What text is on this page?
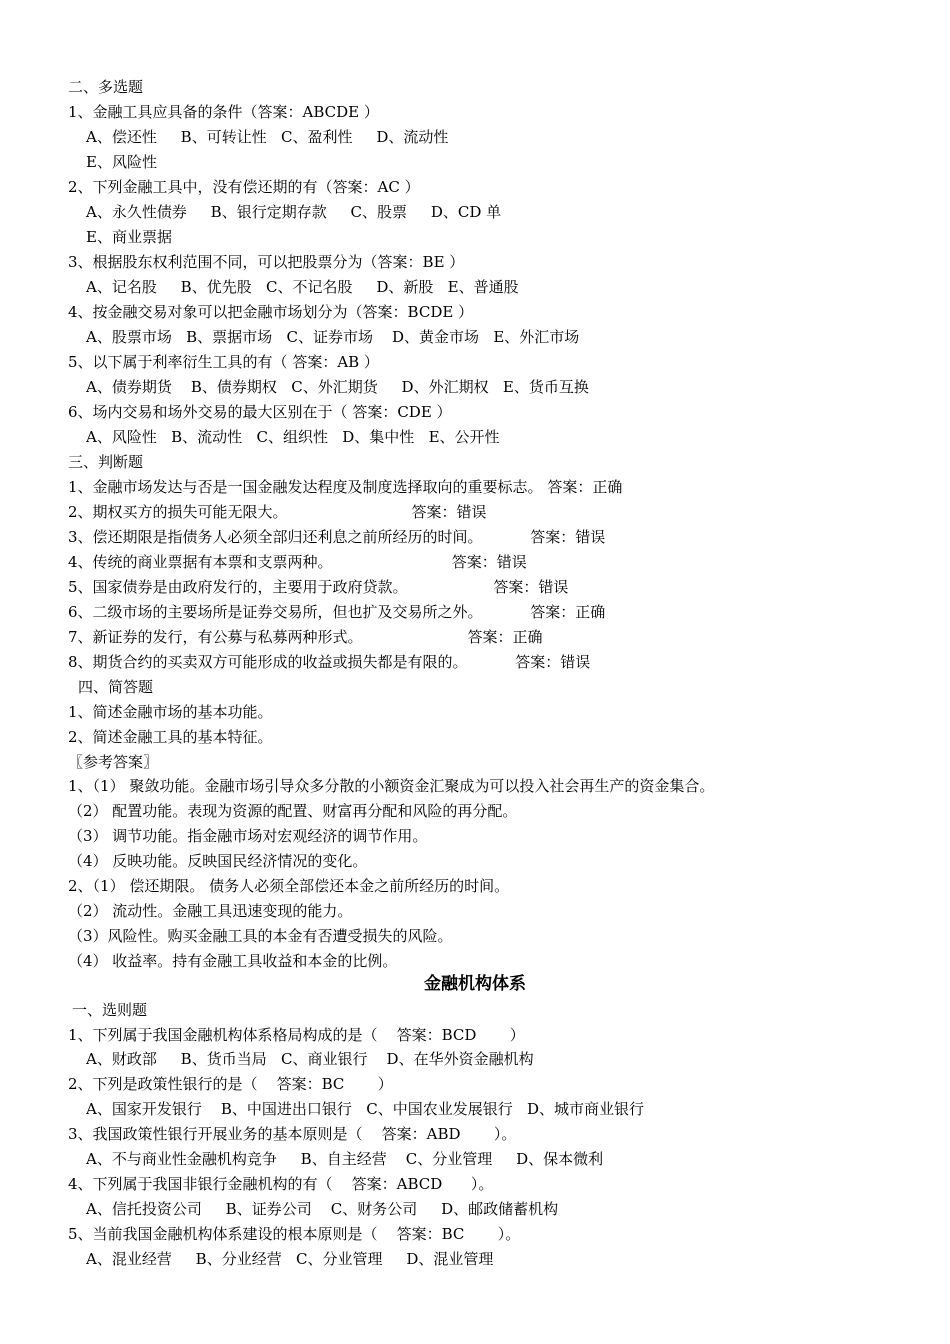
二、多选题
1、金融工具应具备的条件（答案：ABCDE ）
A、偿还性     B、可转让性   C、盈利性     D、流动性
E、风险性
2、下列金融工具中，没有偿还期的有（答案：AC ）
A、永久性债券     B、银行定期存款     C、股票     D、CD 单
E、商业票据
3、根据股东权利范围不同，可以把股票分为（答案：BE ）
A、记名股     B、优先股   C、不记名股     D、新股   E、普通股
4、按金融交易对象可以把金融市场划分为（答案：BCDE ）
A、股票市场   B、票据市场   C、证券市场    D、黄金市场   E、外汇市场
5、以下属于利率衍生工具的有（ 答案：AB ）
A、债券期货    B、债券期权   C、外汇期货     D、外汇期权   E、货币互换
6、场内交易和场外交易的最大区别在于（ 答案：CDE ）
A、风险性   B、流动性   C、组织性   D、集中性   E、公开性
三、判断题
1、金融市场发达与否是一国金融发达程度及制度选择取向的重要标志。 答案：正确
2、期权买方的损失可能无限大。                          答案：错误
3、偿还期限是指债务人必须全部归还利息之前所经历的时间。          答案：错误
4、传统的商业票据有本票和支票两种。                         答案：错误
5、国家债券是由政府发行的，主要用于政府贷款。                  答案：错误
6、二级市场的主要场所是证券交易所，但也扩及交易所之外。          答案：正确
7、新证券的发行，有公募与私募两种形式。                      答案：正确
8、期货合约的买卖双方可能形成的收益或损失都是有限的。          答案：错误
四、简答题
1、简述金融市场的基本功能。
2、简述金融工具的基本特征。
〖参考答案〗
1、（1） 聚敛功能。金融市场引导众多分散的小额资金汇聚成为可以投入社会再生产的资金集合。
（2） 配置功能。表现为资源的配置、财富再分配和风险的再分配。
（3） 调节功能。指金融市场对宏观经济的调节作用。
（4） 反映功能。反映国民经济情况的变化。
2、（1） 偿还期限。 债务人必须全部偿还本金之前所经历的时间。
（2） 流动性。金融工具迅速变现的能力。
（3）风险性。购买金融工具的本金有否遭受损失的风险。
（4） 收益率。持有金融工具收益和本金的比例。
金融机构体系
一、选则题
1、下列属于我国金融机构体系格局构成的是（    答案：BCD       ）
A、财政部     B、货币当局   C、商业银行    D、在华外资金融机构
2、下列是政策性银行的是（    答案：BC       ）
A、国家开发银行    B、中国进出口银行   C、中国农业发展银行   D、城市商业银行
3、我国政策性银行开展业务的基本原则是（    答案：ABD       ）。
A、不与商业性金融机构竞争     B、自主经营    C、分业管理     D、保本微利
4、下列属于我国非银行金融机构的有（    答案：ABCD      ）。
A、信托投资公司     B、证券公司    C、财务公司     D、邮政储蓄机构
5、当前我国金融机构体系建设的根本原则是（    答案：BC       ）。
A、混业经营     B、分业经营   C、分业管理     D、混业管理
